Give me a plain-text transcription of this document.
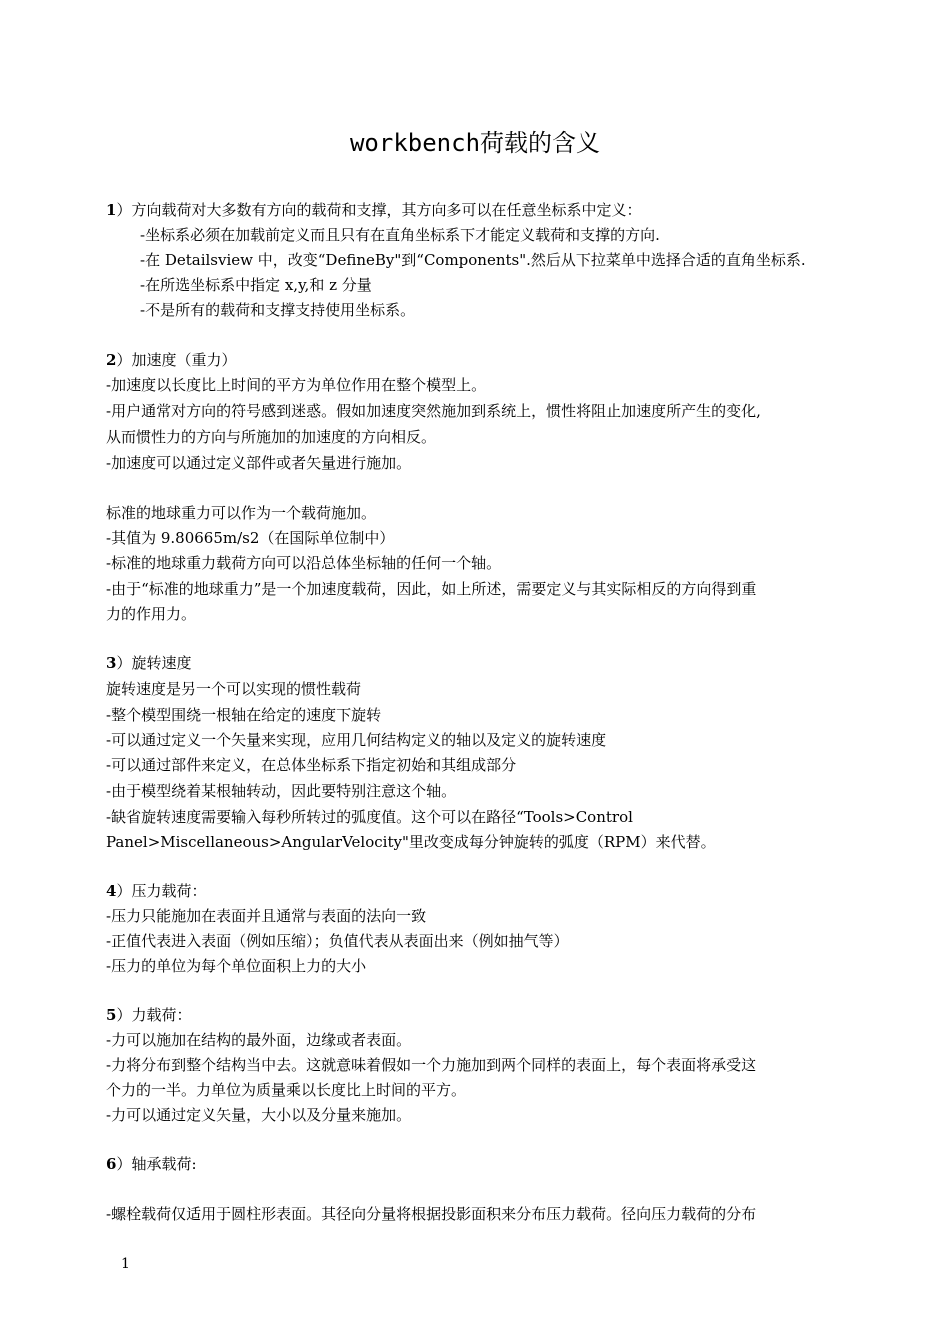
workbench荷载的含义
1）方向载荷对大多数有方向的载荷和支撑，其方向多可以在任意坐标系中定义：
-坐标系必须在加载前定义而且只有在直角坐标系下才能定义载荷和支撑的方向.
-在 Detailsview 中，改变“DefineBy"到“Components".然后从下拉菜单中选择合适的直角坐标系.
-在所选坐标系中指定 x,y,和 z 分量
-不是所有的载荷和支撑支持使用坐标系。
2）加速度（重力）
-加速度以长度比上时间的平方为单位作用在整个模型上。
-用户通常对方向的符号感到迷惑。假如加速度突然施加到系统上，惯性将阻止加速度所产生的变化,
从而惯性力的方向与所施加的加速度的方向相反。
-加速度可以通过定义部件或者矢量进行施加。
标准的地球重力可以作为一个载荷施加。
-其值为 9.80665m/s2（在国际单位制中）
-标准的地球重力载荷方向可以沿总体坐标轴的任何一个轴。
-由于“标准的地球重力”是一个加速度载荷，因此，如上所述，需要定义与其实际相反的方向得到重
力的作用力。
3）旋转速度
旋转速度是另一个可以实现的惯性载荷
-整个模型围绕一根轴在给定的速度下旋转
-可以通过定义一个矢量来实现，应用几何结构定义的轴以及定义的旋转速度
-可以通过部件来定义，在总体坐标系下指定初始和其组成部分
-由于模型绕着某根轴转动，因此要特别注意这个轴。
-缺省旋转速度需要输入每秒所转过的弧度值。这个可以在路径“Tools>Control
Panel>Miscellaneous>AngularVelocity"里改变成每分钟旋转的弧度（RPM）来代替。
4）压力载荷：
-压力只能施加在表面并且通常与表面的法向一致
-正值代表进入表面（例如压缩）；负值代表从表面出来（例如抽气等）
-压力的单位为每个单位面积上力的大小
5）力载荷：
-力可以施加在结构的最外面，边缘或者表面。
-力将分布到整个结构当中去。这就意味着假如一个力施加到两个同样的表面上，每个表面将承受这
个力的一半。力单位为质量乘以长度比上时间的平方。
-力可以通过定义矢量，大小以及分量来施加。
6）轴承载荷:
-螺栓载荷仅适用于圆柱形表面。其径向分量将根据投影面积来分布压力载荷。径向压力载荷的分布
1
